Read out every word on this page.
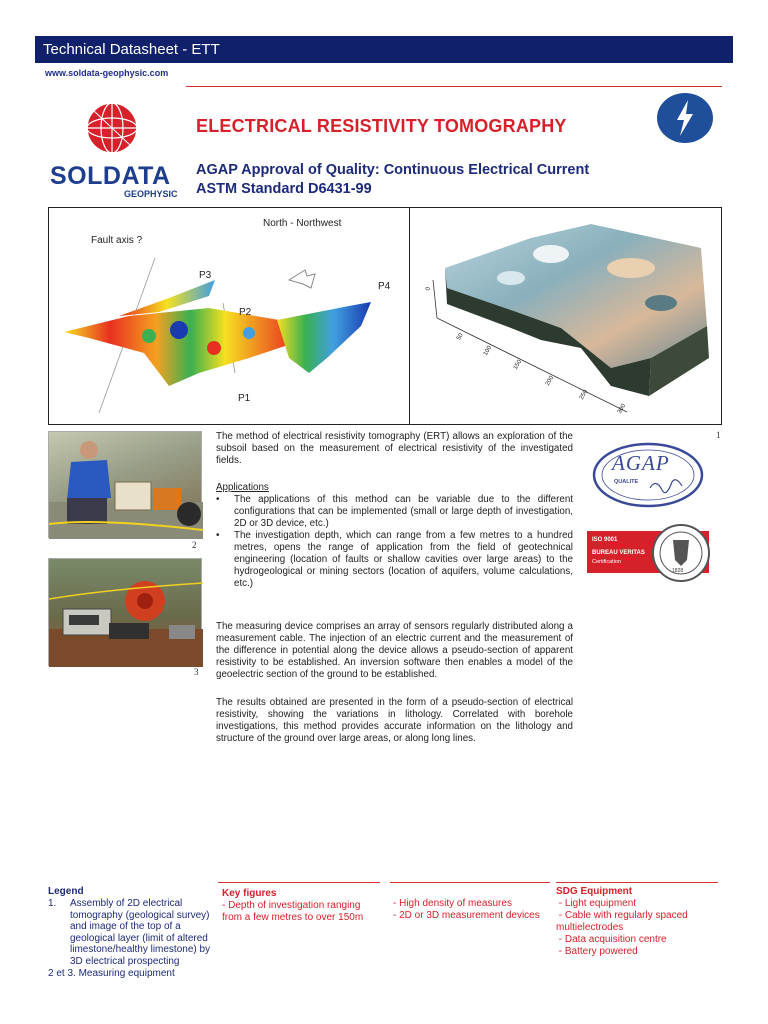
Technical Datasheet - ETT
www.soldata-geophysic.com
SOLDATA
GEOPHYSIC
ELECTRICAL RESISTIVITY TOMOGRAPHY
AGAP Approval of Quality: Continuous Electrical Current
ASTM Standard D6431-99
Fault axis ?
North - Northwest
P3
P4
P2
P1
0
50
100
150
200
250
300
2
3
1
The method of electrical resistivity tomography (ERT) allows an exploration of the subsoil based on the measurement of electrical resistivity of the investigated fields.
Applications
• The applications of this method can be variable due to the different configurations that can be implemented (small or large depth of investigation, 2D or 3D device, etc.)
• The investigation depth, which can range from a few metres to a hundred metres, opens the range of application from the field of geotechnical engineering (location of faults or shallow cavities over large areas) to the hydrogeological or mining sectors (location of aquifers, volume calculations, etc.)
The measuring device comprises an array of sensors regularly distributed along a measurement cable. The injection of an electric current and the measurement of the difference in potential along the device allows a pseudo-section of apparent resistivity to be established. An inversion software then enables a model of the geoelectric section of the ground to be established.
The results obtained are presented in the form of a pseudo-section of electrical resistivity, showing the variations in lithology. Correlated with borehole investigations, this method provides accurate information on the lithology and structure of the ground over large areas, or along long lines.
AGAP
QUALITE
ISO 9001
BUREAU VERITAS
Certification
1828
Legend
1. Assembly of 2D electrical tomography (geological survey) and image of the top of a geological layer (limit of altered limestone/healthy limestone) by 3D electrical prospecting
2 et 3. Measuring equipment
Key figures
- Depth of investigation ranging
from a few metres to over 150m
- High density of measures
- 2D or 3D measurement devices
SDG Equipment
- Light equipment
- Cable with regularly spaced
multielectrodes
- Data acquisition centre
- Battery powered
